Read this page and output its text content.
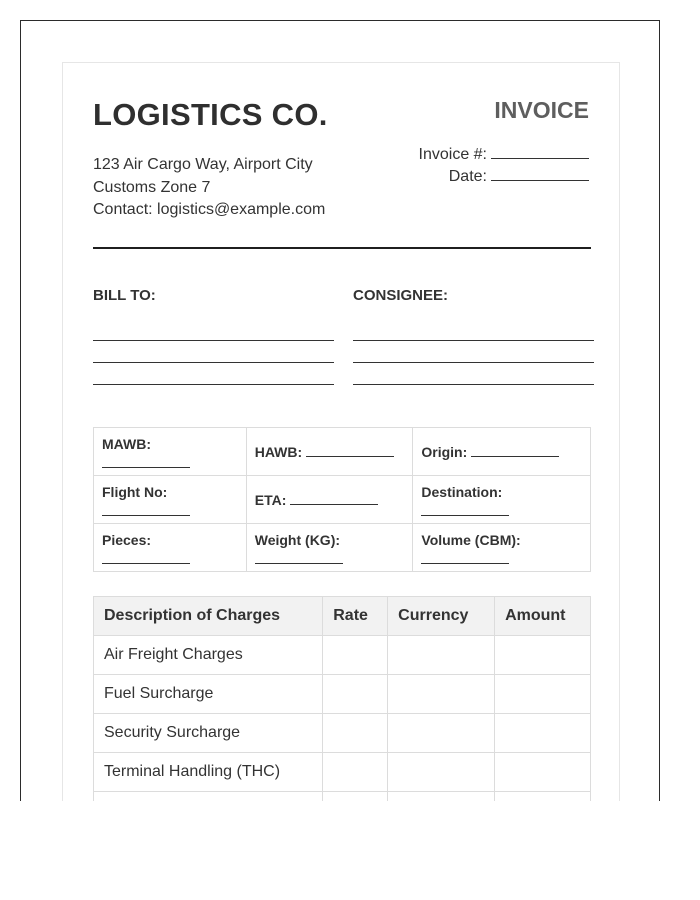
LOGISTICS CO.	INVOICE
123 Air Cargo Way, Airport City
Customs Zone 7
Contact: logistics@example.com
Invoice #:
Date:
BILL TO:	CONSIGNEE:
MAWB:	HAWB:	Origin:

Flight No:	ETA:	Destination:

Pieces:	Weight (KG):	Volume (CBM):
Description of Charges	Rate	Currency	Amount
Air Freight Charges			
Fuel Surcharge			
Security Surcharge			
Terminal Handling (THC)			
